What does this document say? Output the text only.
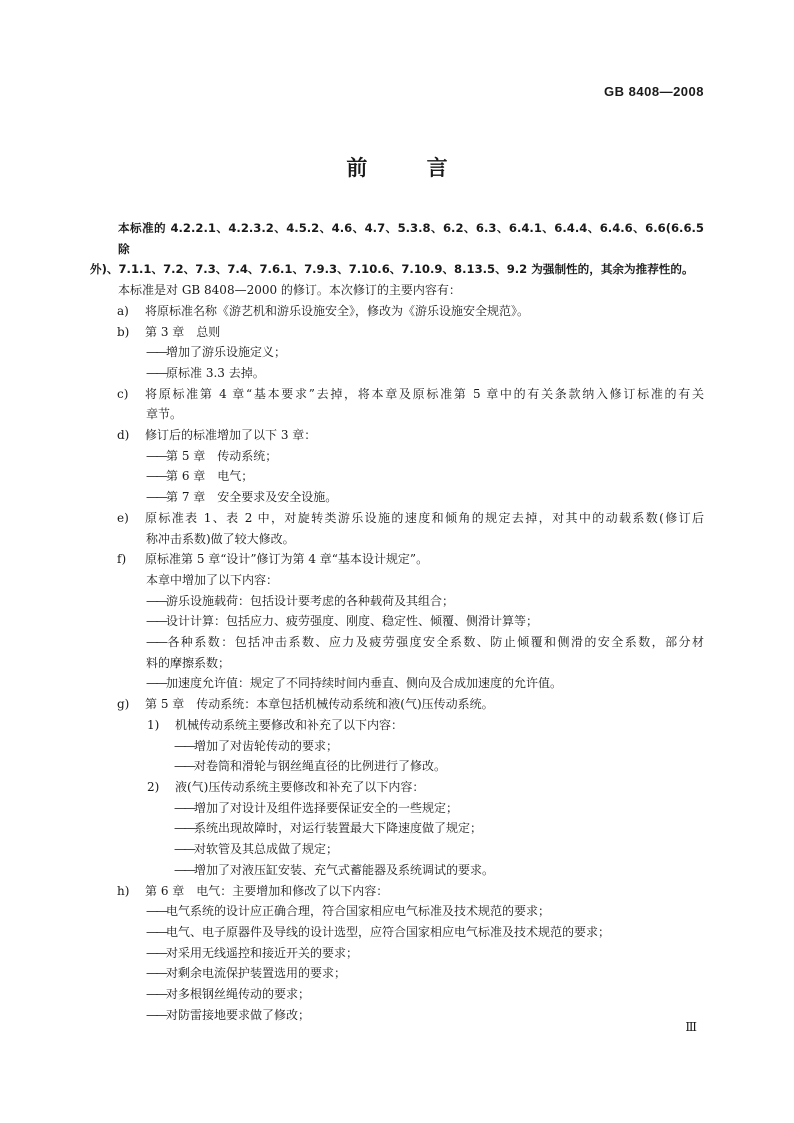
GB 8408—2008
前 言
本标准的 4.2.2.1、4.2.3.2、4.5.2、4.6、4.7、5.3.8、6.2、6.3、6.4.1、6.4.4、6.4.6、6.6(6.6.5 除
外)、7.1.1、7.2、7.3、7.4、7.6.1、7.9.3、7.10.6、7.10.9、8.13.5、9.2 为强制性的，其余为推荐性的。
本标准是对 GB 8408—2000 的修订。本次修订的主要内容有：
a) 将原标准名称《游艺机和游乐设施安全》，修改为《游乐设施安全规范》。
b) 第 3 章　总则
—— 增加了游乐设施定义；
—— 原标准 3.3 去掉。
c) 将原标准第 4 章“基本要求”去掉，将本章及原标准第 5 章中的有关条款纳入修订标准的有关
章节。
d) 修订后的标准增加了以下 3 章：
—— 第 5 章　传动系统；
—— 第 6 章　电气；
—— 第 7 章　安全要求及安全设施。
e) 原标准表 1、表 2 中，对旋转类游乐设施的速度和倾角的规定去掉，对其中的动载系数(修订后
称冲击系数)做了较大修改。
f) 原标准第 5 章“设计”修订为第 4 章“基本设计规定”。
本章中增加了以下内容：
—— 游乐设施载荷：包括设计要考虑的各种载荷及其组合；
—— 设计计算：包括应力、疲劳强度、刚度、稳定性、倾覆、侧滑计算等；
—— 各种系数：包括冲击系数、应力及疲劳强度安全系数、防止倾覆和侧滑的安全系数，部分材
料的摩擦系数；
—— 加速度允许值：规定了不同持续时间内垂直、侧向及合成加速度的允许值。
g) 第 5 章　传动系统：本章包括机械传动系统和液(气)压传动系统。
1) 机械传动系统主要修改和补充了以下内容：
—— 增加了对齿轮传动的要求；
—— 对卷筒和滑轮与钢丝绳直径的比例进行了修改。
2) 液(气)压传动系统主要修改和补充了以下内容：
—— 增加了对设计及组件选择要保证安全的一些规定；
—— 系统出现故障时，对运行装置最大下降速度做了规定；
—— 对软管及其总成做了规定；
—— 增加了对液压缸安装、充气式蓄能器及系统调试的要求。
h) 第 6 章　电气：主要增加和修改了以下内容：
—— 电气系统的设计应正确合理，符合国家相应电气标准及技术规范的要求；
—— 电气、电子原器件及导线的设计选型，应符合国家相应电气标准及技术规范的要求；
—— 对采用无线遥控和接近开关的要求；
—— 对剩余电流保护装置选用的要求；
—— 对多根钢丝绳传动的要求；
—— 对防雷接地要求做了修改；
Ⅲ
